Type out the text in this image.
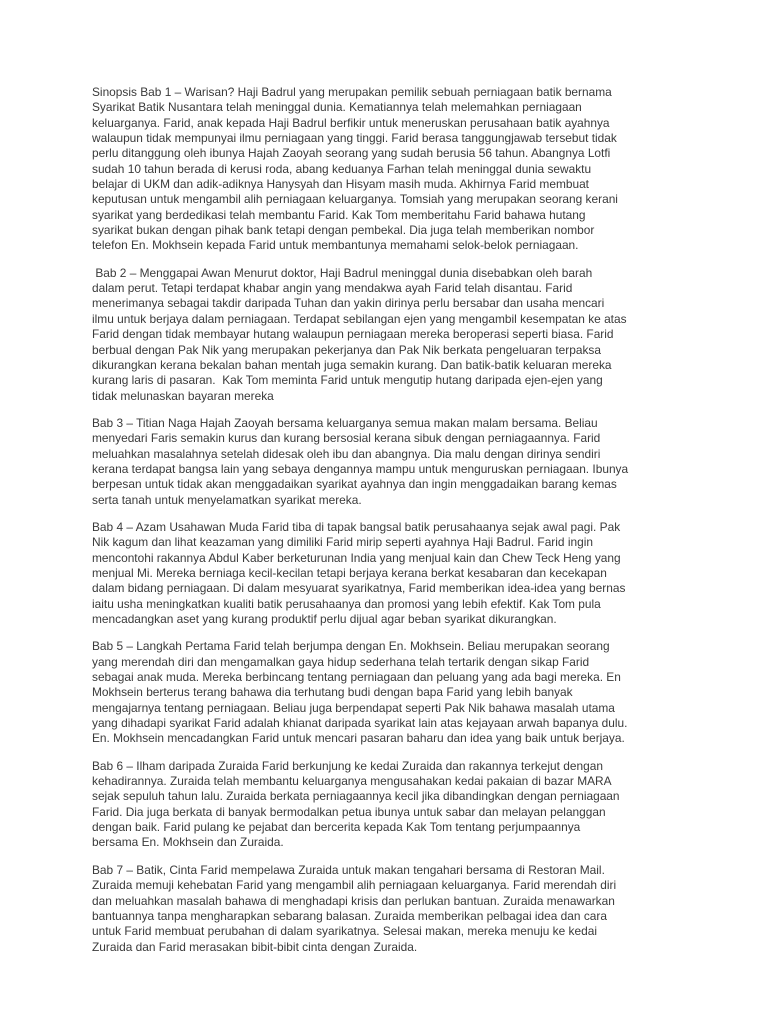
Sinopsis Bab 1 – Warisan? Haji Badrul yang merupakan pemilik sebuah perniagaan batik bernama
Syarikat Batik Nusantara telah meninggal dunia. Kematiannya telah melemahkan perniagaan
keluarganya. Farid, anak kepada Haji Badrul berfikir untuk meneruskan perusahaan batik ayahnya
walaupun tidak mempunyai ilmu perniagaan yang tinggi. Farid berasa tanggungjawab tersebut tidak
perlu ditanggung oleh ibunya Hajah Zaoyah seorang yang sudah berusia 56 tahun. Abangnya Lotfi
sudah 10 tahun berada di kerusi roda, abang keduanya Farhan telah meninggal dunia sewaktu
belajar di UKM dan adik-adiknya Hanysyah dan Hisyam masih muda. Akhirnya Farid membuat
keputusan untuk mengambil alih perniagaan keluarganya. Tomsiah yang merupakan seorang kerani
syarikat yang berdedikasi telah membantu Farid. Kak Tom memberitahu Farid bahawa hutang
syarikat bukan dengan pihak bank tetapi dengan pembekal. Dia juga telah memberikan nombor
telefon En. Mokhsein kepada Farid untuk membantunya memahami selok-belok perniagaan.

Bab 2 – Menggapai Awan Menurut doktor, Haji Badrul meninggal dunia disebabkan oleh barah
dalam perut. Tetapi terdapat khabar angin yang mendakwa ayah Farid telah disantau. Farid
menerimanya sebagai takdir daripada Tuhan dan yakin dirinya perlu bersabar dan usaha mencari
ilmu untuk berjaya dalam perniagaan. Terdapat sebilangan ejen yang mengambil kesempatan ke atas
Farid dengan tidak membayar hutang walaupun perniagaan mereka beroperasi seperti biasa. Farid
berbual dengan Pak Nik yang merupakan pekerjanya dan Pak Nik berkata pengeluaran terpaksa
dikurangkan kerana bekalan bahan mentah juga semakin kurang. Dan batik-batik keluaran mereka
kurang laris di pasaran.  Kak Tom meminta Farid untuk mengutip hutang daripada ejen-ejen yang
tidak melunaskan bayaran mereka

Bab 3 – Titian Naga Hajah Zaoyah bersama keluarganya semua makan malam bersama. Beliau
menyedari Faris semakin kurus dan kurang bersosial kerana sibuk dengan perniagaannya. Farid
meluahkan masalahnya setelah didesak oleh ibu dan abangnya. Dia malu dengan dirinya sendiri
kerana terdapat bangsa lain yang sebaya dengannya mampu untuk menguruskan perniagaan. Ibunya
berpesan untuk tidak akan menggadaikan syarikat ayahnya dan ingin menggadaikan barang kemas
serta tanah untuk menyelamatkan syarikat mereka.

Bab 4 – Azam Usahawan Muda Farid tiba di tapak bangsal batik perusahaanya sejak awal pagi. Pak
Nik kagum dan lihat keazaman yang dimiliki Farid mirip seperti ayahnya Haji Badrul. Farid ingin
mencontohi rakannya Abdul Kaber berketurunan India yang menjual kain dan Chew Teck Heng yang
menjual Mi. Mereka berniaga kecil-kecilan tetapi berjaya kerana berkat kesabaran dan kecekapan
dalam bidang perniagaan. Di dalam mesyuarat syarikatnya, Farid memberikan idea-idea yang bernas
iaitu usha meningkatkan kualiti batik perusahaanya dan promosi yang lebih efektif. Kak Tom pula
mencadangkan aset yang kurang produktif perlu dijual agar beban syarikat dikurangkan.

Bab 5 – Langkah Pertama Farid telah berjumpa dengan En. Mokhsein. Beliau merupakan seorang
yang merendah diri dan mengamalkan gaya hidup sederhana telah tertarik dengan sikap Farid
sebagai anak muda. Mereka berbincang tentang perniagaan dan peluang yang ada bagi mereka. En
Mokhsein berterus terang bahawa dia terhutang budi dengan bapa Farid yang lebih banyak
mengajarnya tentang perniagaan. Beliau juga berpendapat seperti Pak Nik bahawa masalah utama
yang dihadapi syarikat Farid adalah khianat daripada syarikat lain atas kejayaan arwah bapanya dulu.
En. Mokhsein mencadangkan Farid untuk mencari pasaran baharu dan idea yang baik untuk berjaya.

Bab 6 – Ilham daripada Zuraida Farid berkunjung ke kedai Zuraida dan rakannya terkejut dengan
kehadirannya. Zuraida telah membantu keluarganya mengusahakan kedai pakaian di bazar MARA
sejak sepuluh tahun lalu. Zuraida berkata perniagaannya kecil jika dibandingkan dengan perniagaan
Farid. Dia juga berkata di banyak bermodalkan petua ibunya untuk sabar dan melayan pelanggan
dengan baik. Farid pulang ke pejabat dan bercerita kepada Kak Tom tentang perjumpaannya
bersama En. Mokhsein dan Zuraida.

Bab 7 – Batik, Cinta Farid mempelawa Zuraida untuk makan tengahari bersama di Restoran Mail.
Zuraida memuji kehebatan Farid yang mengambil alih perniagaan keluarganya. Farid merendah diri
dan meluahkan masalah bahawa di menghadapi krisis dan perlukan bantuan. Zuraida menawarkan
bantuannya tanpa mengharapkan sebarang balasan. Zuraida memberikan pelbagai idea dan cara
untuk Farid membuat perubahan di dalam syarikatnya. Selesai makan, mereka menuju ke kedai
Zuraida dan Farid merasakan bibit-bibit cinta dengan Zuraida.
